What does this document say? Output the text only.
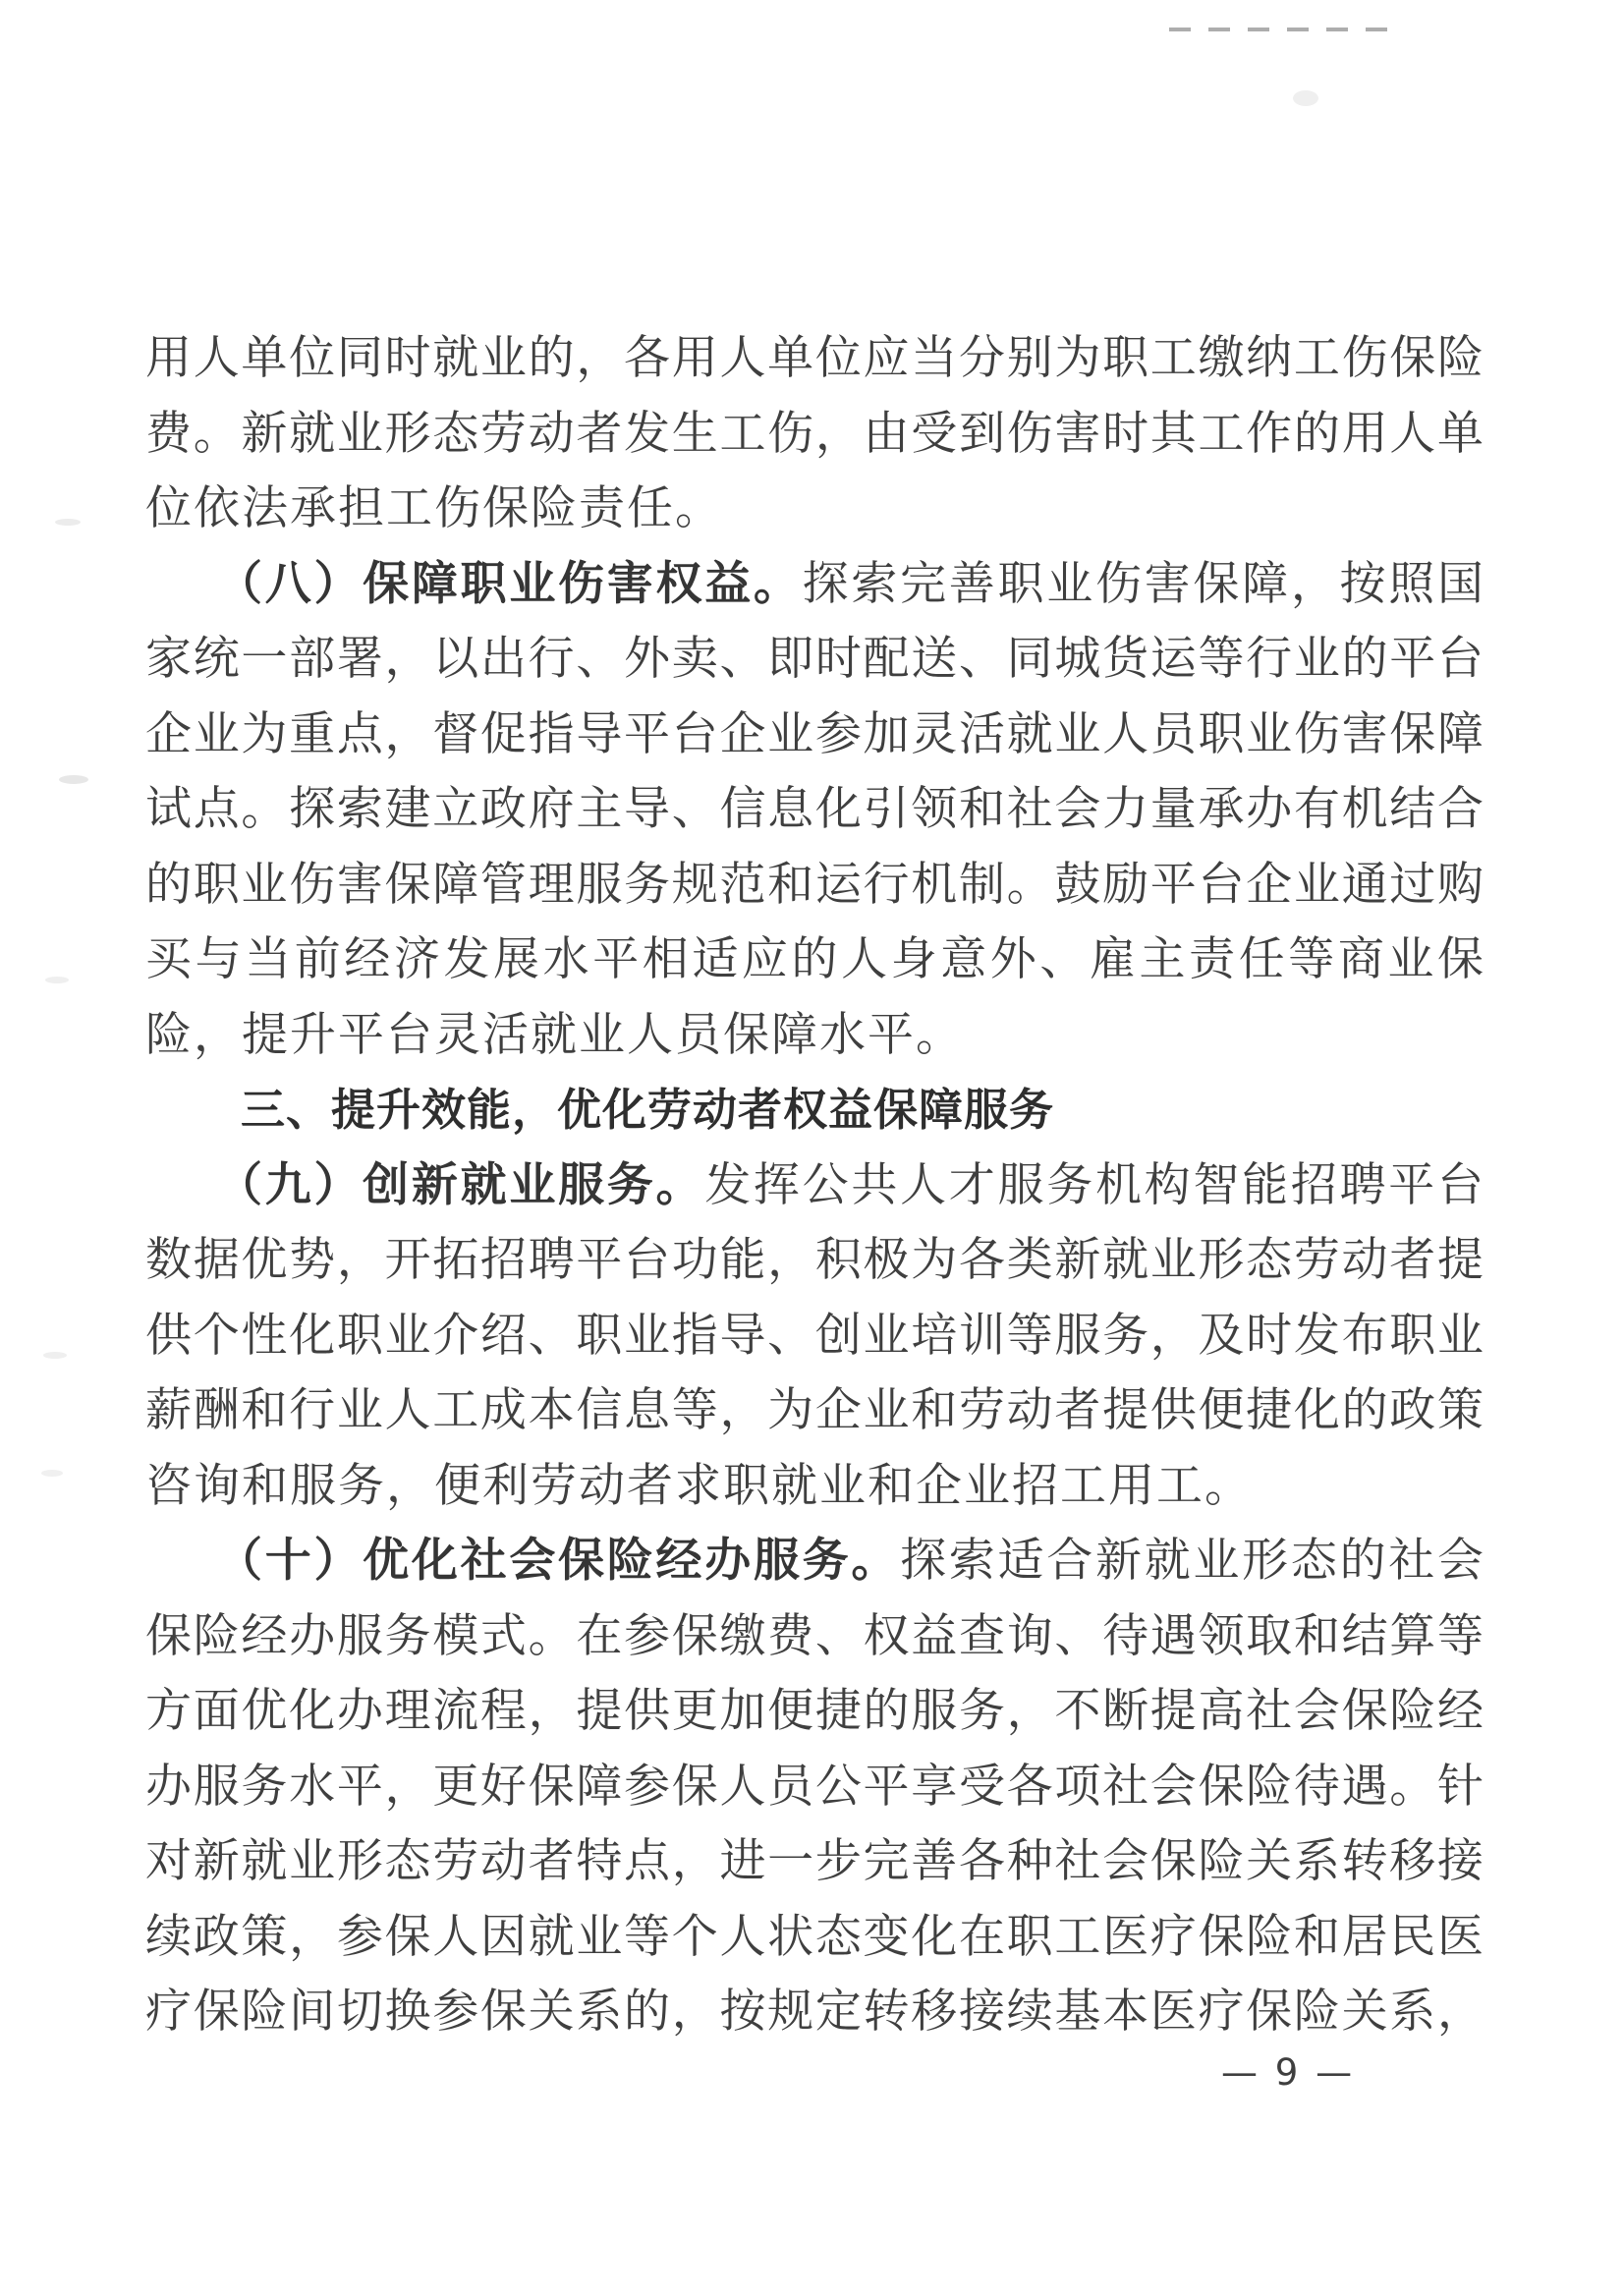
用人单位同时就业的，各用人单位应当分别为职工缴纳工伤保险
费。新就业形态劳动者发生工伤，由受到伤害时其工作的用人单
位依法承担工伤保险责任。
（八）保障职业伤害权益。探索完善职业伤害保障，按照国
家统一部署，以出行、外卖、即时配送、同城货运等行业的平台
企业为重点，督促指导平台企业参加灵活就业人员职业伤害保障
试点。探索建立政府主导、信息化引领和社会力量承办有机结合
的职业伤害保障管理服务规范和运行机制。鼓励平台企业通过购
买与当前经济发展水平相适应的人身意外、雇主责任等商业保
险，提升平台灵活就业人员保障水平。
三、提升效能，优化劳动者权益保障服务
（九）创新就业服务。发挥公共人才服务机构智能招聘平台
数据优势，开拓招聘平台功能，积极为各类新就业形态劳动者提
供个性化职业介绍、职业指导、创业培训等服务，及时发布职业
薪酬和行业人工成本信息等，为企业和劳动者提供便捷化的政策
咨询和服务，便利劳动者求职就业和企业招工用工。
（十）优化社会保险经办服务。探索适合新就业形态的社会
保险经办服务模式。在参保缴费、权益查询、待遇领取和结算等
方面优化办理流程，提供更加便捷的服务，不断提高社会保险经
办服务水平，更好保障参保人员公平享受各项社会保险待遇。针
对新就业形态劳动者特点，进一步完善各种社会保险关系转移接
续政策，参保人因就业等个人状态变化在职工医疗保险和居民医
疗保险间切换参保关系的，按规定转移接续基本医疗保险关系，
— 9 —
